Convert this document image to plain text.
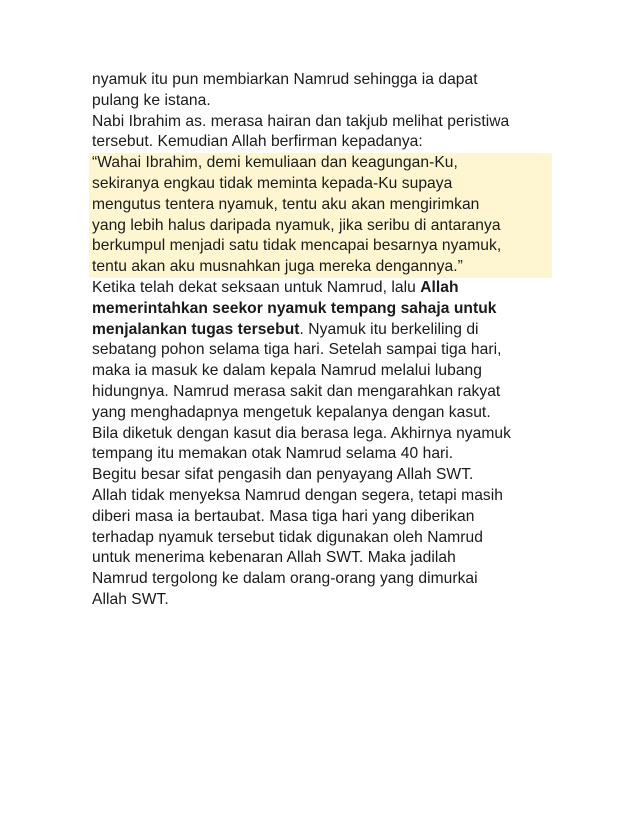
nyamuk itu pun membiarkan Namrud sehingga ia dapat
pulang ke istana.
Nabi Ibrahim as. merasa hairan dan takjub melihat peristiwa
tersebut. Kemudian Allah berfirman kepadanya:
“Wahai Ibrahim, demi kemuliaan dan keagungan-Ku,
sekiranya engkau tidak meminta kepada-Ku supaya
mengutus tentera nyamuk, tentu aku akan mengirimkan
yang lebih halus daripada nyamuk, jika seribu di antaranya
berkumpul menjadi satu tidak mencapai besarnya nyamuk,
tentu akan aku musnahkan juga mereka dengannya.”
Ketika telah dekat seksaan untuk Namrud, lalu Allah
memerintahkan seekor nyamuk tempang sahaja untuk
menjalankan tugas tersebut. Nyamuk itu berkeliling di
sebatang pohon selama tiga hari. Setelah sampai tiga hari,
maka ia masuk ke dalam kepala Namrud melalui lubang
hidungnya. Namrud merasa sakit dan mengarahkan rakyat
yang menghadapnya mengetuk kepalanya dengan kasut.
Bila diketuk dengan kasut dia berasa lega. Akhirnya nyamuk
tempang itu memakan otak Namrud selama 40 hari.
Begitu besar sifat pengasih dan penyayang Allah SWT.
Allah tidak menyeksa Namrud dengan segera, tetapi masih
diberi masa ia bertaubat. Masa tiga hari yang diberikan
terhadap nyamuk tersebut tidak digunakan oleh Namrud
untuk menerima kebenaran Allah SWT. Maka jadilah
Namrud tergolong ke dalam orang-orang yang dimurkai
Allah SWT.
